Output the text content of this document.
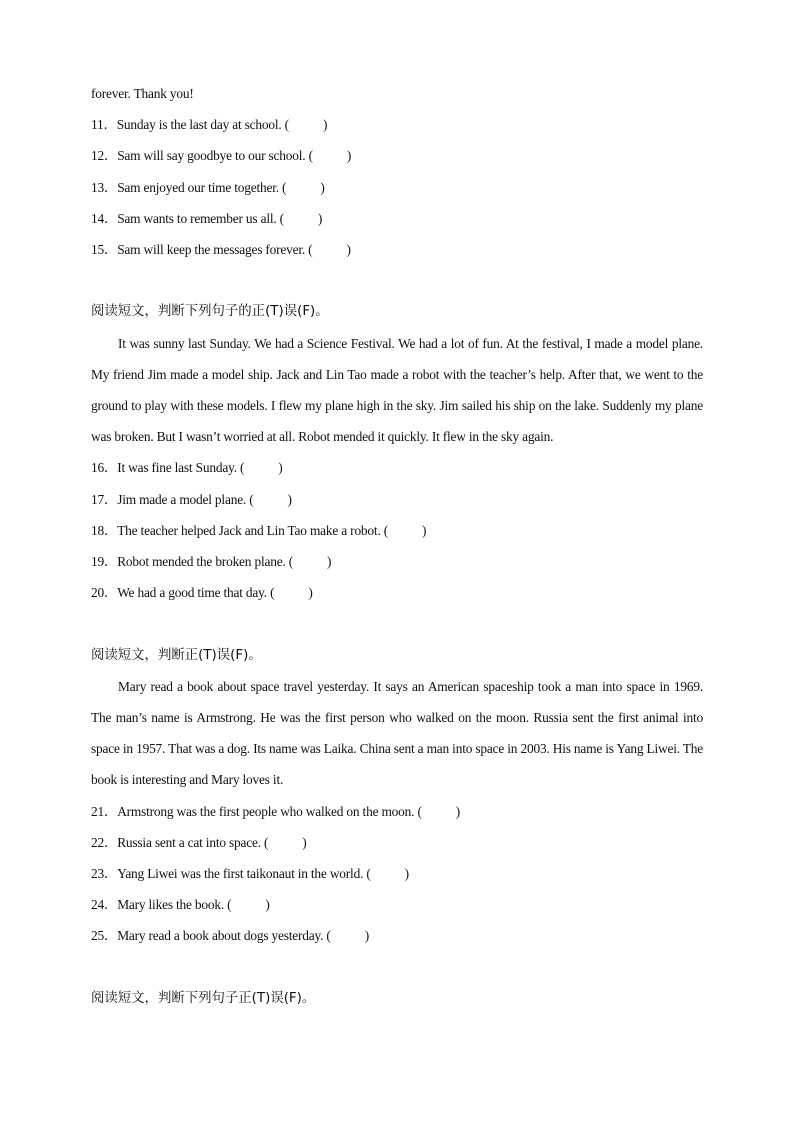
forever. Thank you!
11．Sunday is the last day at school. (	)
12．Sam will say goodbye to our school. (	)
13．Sam enjoyed our time together. (	)
14．Sam wants to remember us all. (	)
15．Sam will keep the messages forever. (	)
阅读短文，判断下列句子的正(T)误(F)。
It was sunny last Sunday. We had a Science Festival. We had a lot of fun. At the festival, I made a model plane. My friend Jim made a model ship. Jack and Lin Tao made a robot with the teacher’s help. After that, we went to the ground to play with these models. I flew my plane high in the sky. Jim sailed his ship on the lake. Suddenly my plane was broken. But I wasn’t worried at all. Robot mended it quickly. It flew in the sky again.
16．It was fine last Sunday. (	)
17．Jim made a model plane. (	)
18．The teacher helped Jack and Lin Tao make a robot. (	)
19．Robot mended the broken plane. (	)
20．We had a good time that day. (	)
阅读短文，判断正(T)误(F)。
Mary read a book about space travel yesterday. It says an American spaceship took a man into space in 1969. The man’s name is Armstrong. He was the first person who walked on the moon. Russia sent the first animal into space in 1957. That was a dog. Its name was Laika. China sent a man into space in 2003. His name is Yang Liwei. The book is interesting and Mary loves it.
21．Armstrong was the first people who walked on the moon. (	)
22．Russia sent a cat into space. (	)
23．Yang Liwei was the first taikonaut in the world. (	)
24．Mary likes the book. (	)
25．Mary read a book about dogs yesterday. (	)
阅读短文，判断下列句子正(T)误(F)。
